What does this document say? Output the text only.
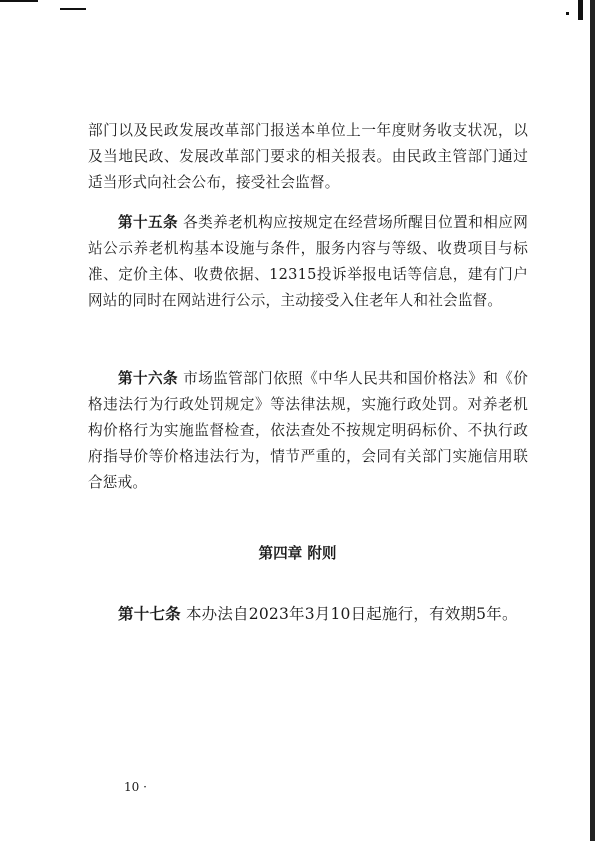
部门以及民政发展改革部门报送本单位上一年度财务收支状况，以及当地民政、发展改革部门要求的相关报表。由民政主管部门通过适当形式向社会公布，接受社会监督。

第十五条 各类养老机构应按规定在经营场所醒目位置和相应网站公示养老机构基本设施与条件，服务内容与等级、收费项目与标准、定价主体、收费依据、12315投诉举报电话等信息，建有门户网站的同时在网站进行公示，主动接受入住老年人和社会监督。

第十六条 市场监管部门依照《中华人民共和国价格法》和《价格违法行为行政处罚规定》等法律法规，实施行政处罚。对养老机构价格行为实施监督检查，依法查处不按规定明码标价、不执行政府指导价等价格违法行为，情节严重的，会同有关部门实施信用联合惩戒。

第四章 附则

第十七条 本办法自2023年3月10日起施行，有效期5年。

10 ·
